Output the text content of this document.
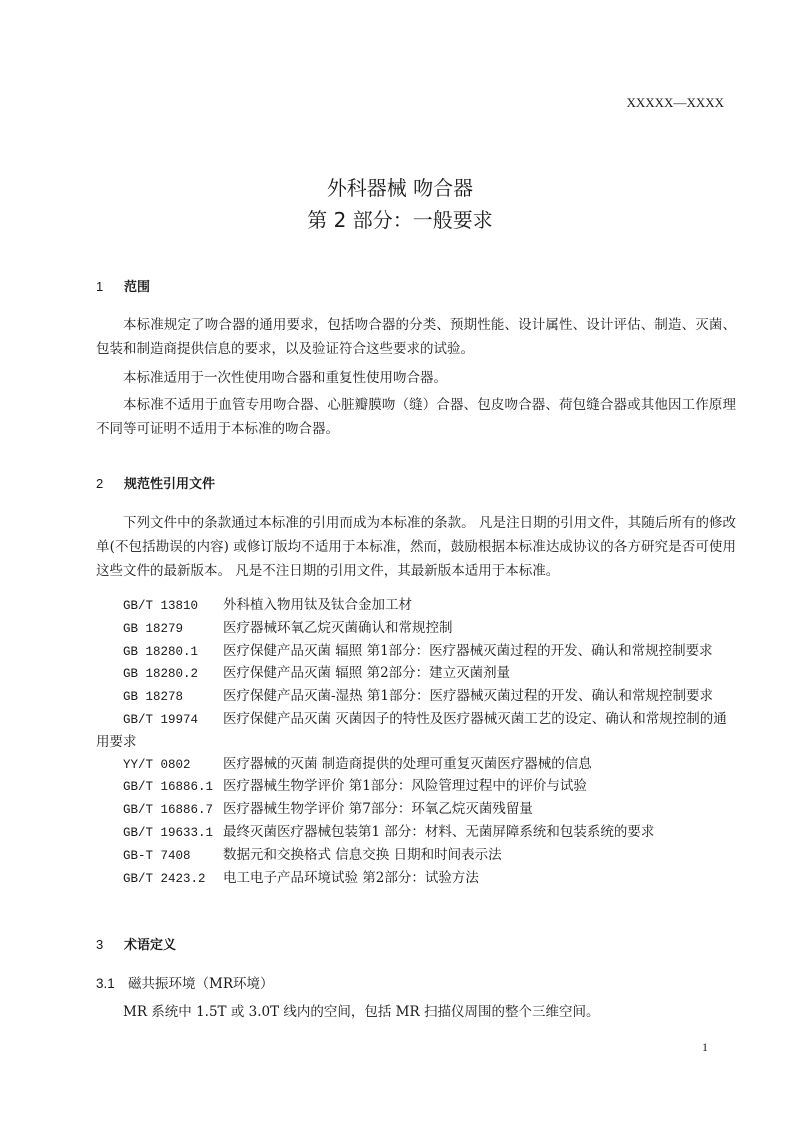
XXXXX—XXXX
外科器械 吻合器
第 2 部分：一般要求
1 范围
本标准规定了吻合器的通用要求，包括吻合器的分类、预期性能、设计属性、设计评估、制造、灭菌、包装和制造商提供信息的要求，以及验证符合这些要求的试验。
本标准适用于一次性使用吻合器和重复性使用吻合器。
本标准不适用于血管专用吻合器、心脏瓣膜吻（缝）合器、包皮吻合器、荷包缝合器或其他因工作原理不同等可证明不适用于本标准的吻合器。
2 规范性引用文件
下列文件中的条款通过本标准的引用而成为本标准的条款。 凡是注日期的引用文件，其随后所有的修改单(不包括勘误的内容) 或修订版均不适用于本标准，然而，鼓励根据本标准达成协议的各方研究是否可使用这些文件的最新版本。 凡是不注日期的引用文件，其最新版本适用于本标准。
GB/T 13810 外科植入物用钛及钛合金加工材
GB 18279	医疗器械环氧乙烷灭菌确认和常规控制
GB 18280.1 医疗保健产品灭菌 辐照 第1部分：医疗器械灭菌过程的开发、确认和常规控制要求
GB 18280.2 医疗保健产品灭菌 辐照 第2部分：建立灭菌剂量
GB 18278	医疗保健产品灭菌-湿热 第1部分：医疗器械灭菌过程的开发、确认和常规控制要求
GB/T 19974 医疗保健产品灭菌 灭菌因子的特性及医疗器械灭菌工艺的设定、确认和常规控制的通用要求
YY/T 0802 医疗器械的灭菌 制造商提供的处理可重复灭菌医疗器械的信息
GB/T 16886.1 医疗器械生物学评价 第1部分：风险管理过程中的评价与试验
GB/T 16886.7 医疗器械生物学评价 第7部分：环氧乙烷灭菌残留量
GB/T 19633.1 最终灭菌医疗器械包装第1 部分：材料、无菌屏障系统和包装系统的要求
GB-T 7408 数据元和交换格式 信息交换 日期和时间表示法
GB/T 2423.2 电工电子产品环境试验 第2部分：试验方法
3 术语定义
3.1 磁共振环境（MR环境）
MR 系统中 1.5T 或 3.0T 线内的空间，包括 MR 扫描仪周围的整个三维空间。
1
